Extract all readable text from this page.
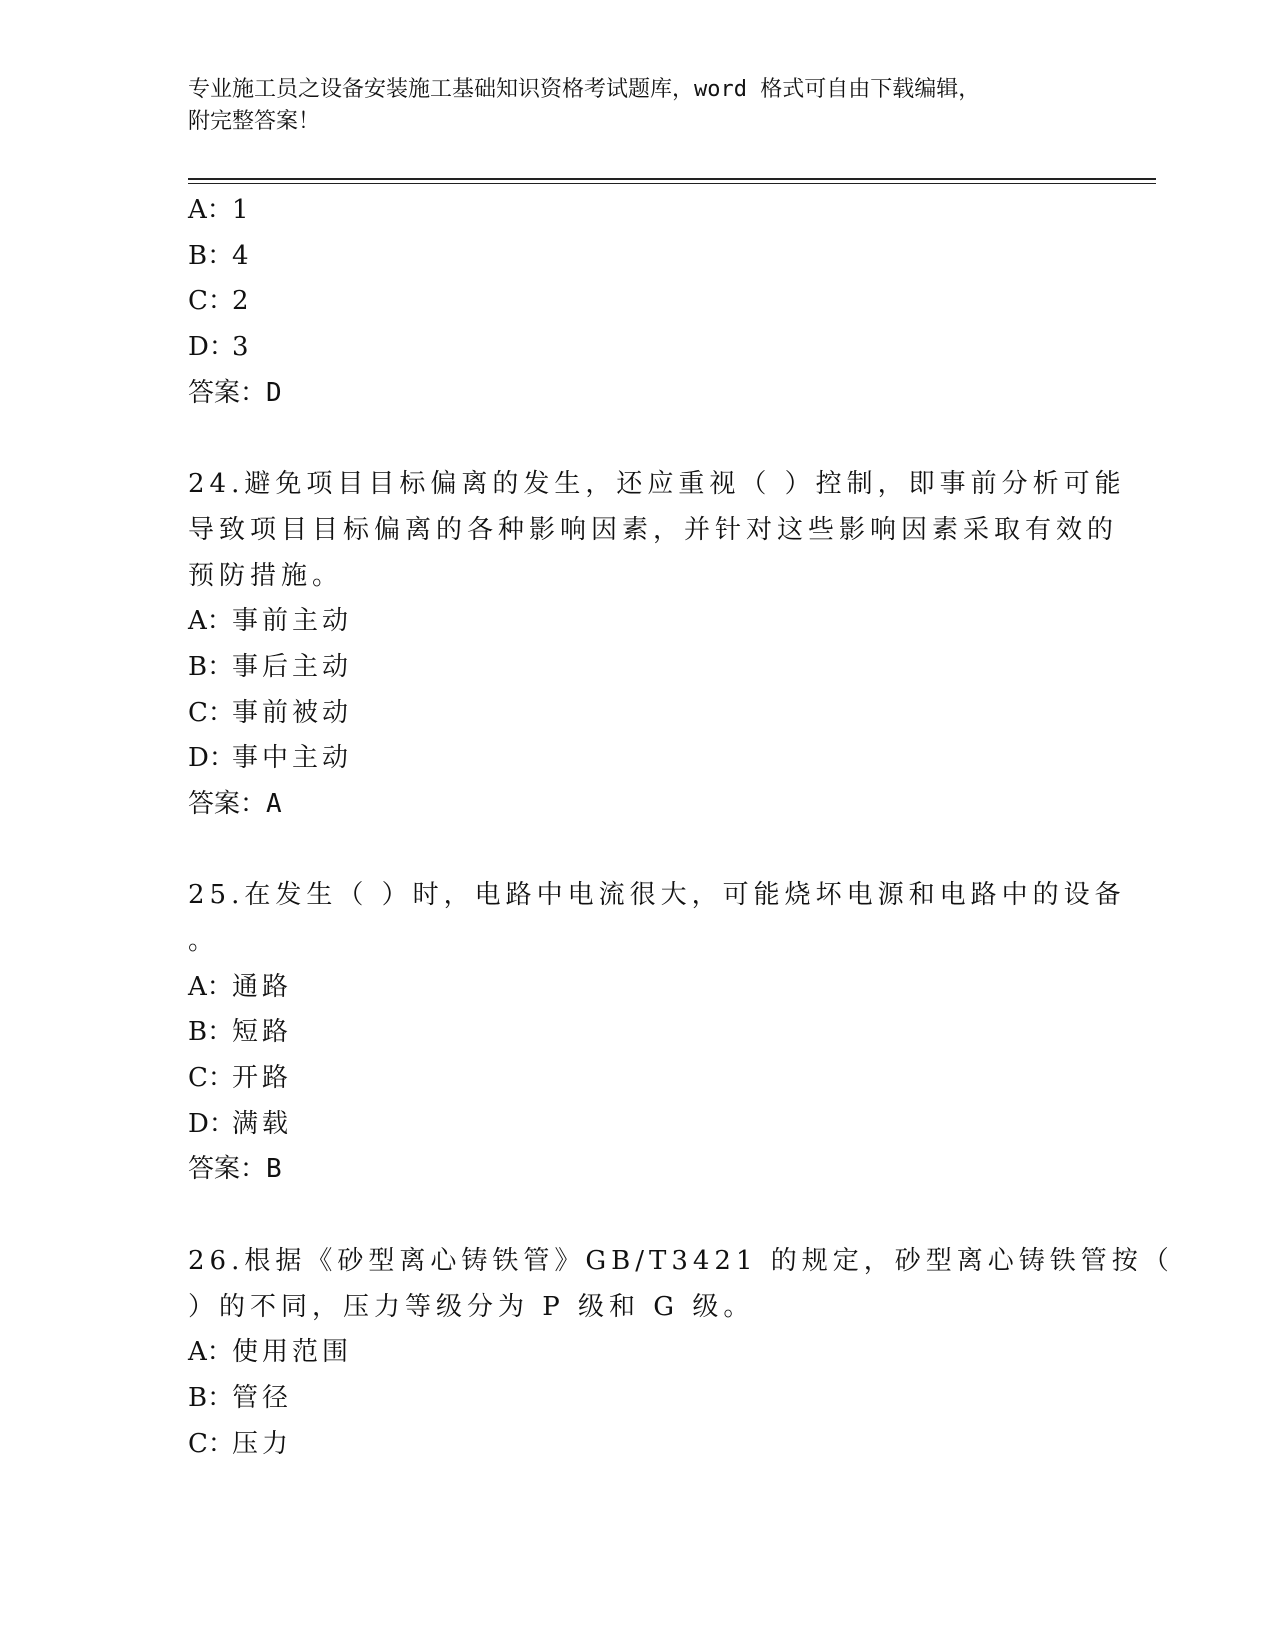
专业施工员之设备安装施工基础知识资格考试题库，word 格式可自由下载编辑，
附完整答案！
A：1
B：4
C：2
D：3
答案：D
24.避免项目目标偏离的发生，还应重视（ ）控制，即事前分析可能
导致项目目标偏离的各种影响因素，并针对这些影响因素采取有效的
预防措施。
A：事前主动
B：事后主动
C：事前被动
D：事中主动
答案：A
25.在发生（ ）时，电路中电流很大，可能烧坏电源和电路中的设备
。
A：通路
B：短路
C：开路
D：满载
答案：B
26.根据《砂型离心铸铁管》GB/T3421 的规定，砂型离心铸铁管按（
）的不同，压力等级分为 P 级和 G 级。
A：使用范围
B：管径
C：压力
